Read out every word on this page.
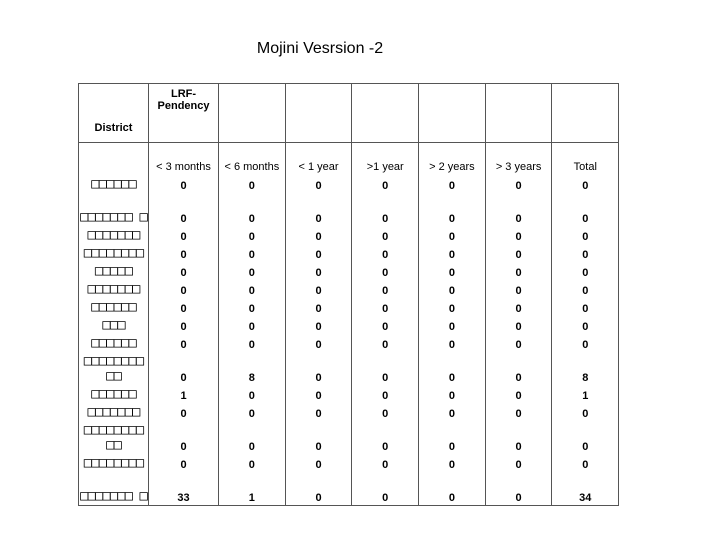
Mojini Vesrsion -2
District	LRF-
Pendency						
	< 3 months	< 6 months	< 1 year	>1 year	> 2 years	> 3 years	Total
□□□□□□	0	0	0	0	0	0	0
□□□□□□□ □	0	0	0	0	0	0	0
□□□□□□□	0	0	0	0	0	0	0
□□□□□□□□	0	0	0	0	0	0	0
□□□□□	0	0	0	0	0	0	0
□□□□□□□	0	0	0	0	0	0	0
□□□□□□	0	0	0	0	0	0	0
□□□	0	0	0	0	0	0	0
□□□□□□	0	0	0	0	0	0	0
□□□□□□□□ □□	0	8	0	0	0	0	8
□□□□□□	1	0	0	0	0	0	1
□□□□□□□	0	0	0	0	0	0	0
□□□□□□□□ □□	0	0	0	0	0	0	0
□□□□□□□□	0	0	0	0	0	0	0
□□□□□□□ □	33	1	0	0	0	0	34
